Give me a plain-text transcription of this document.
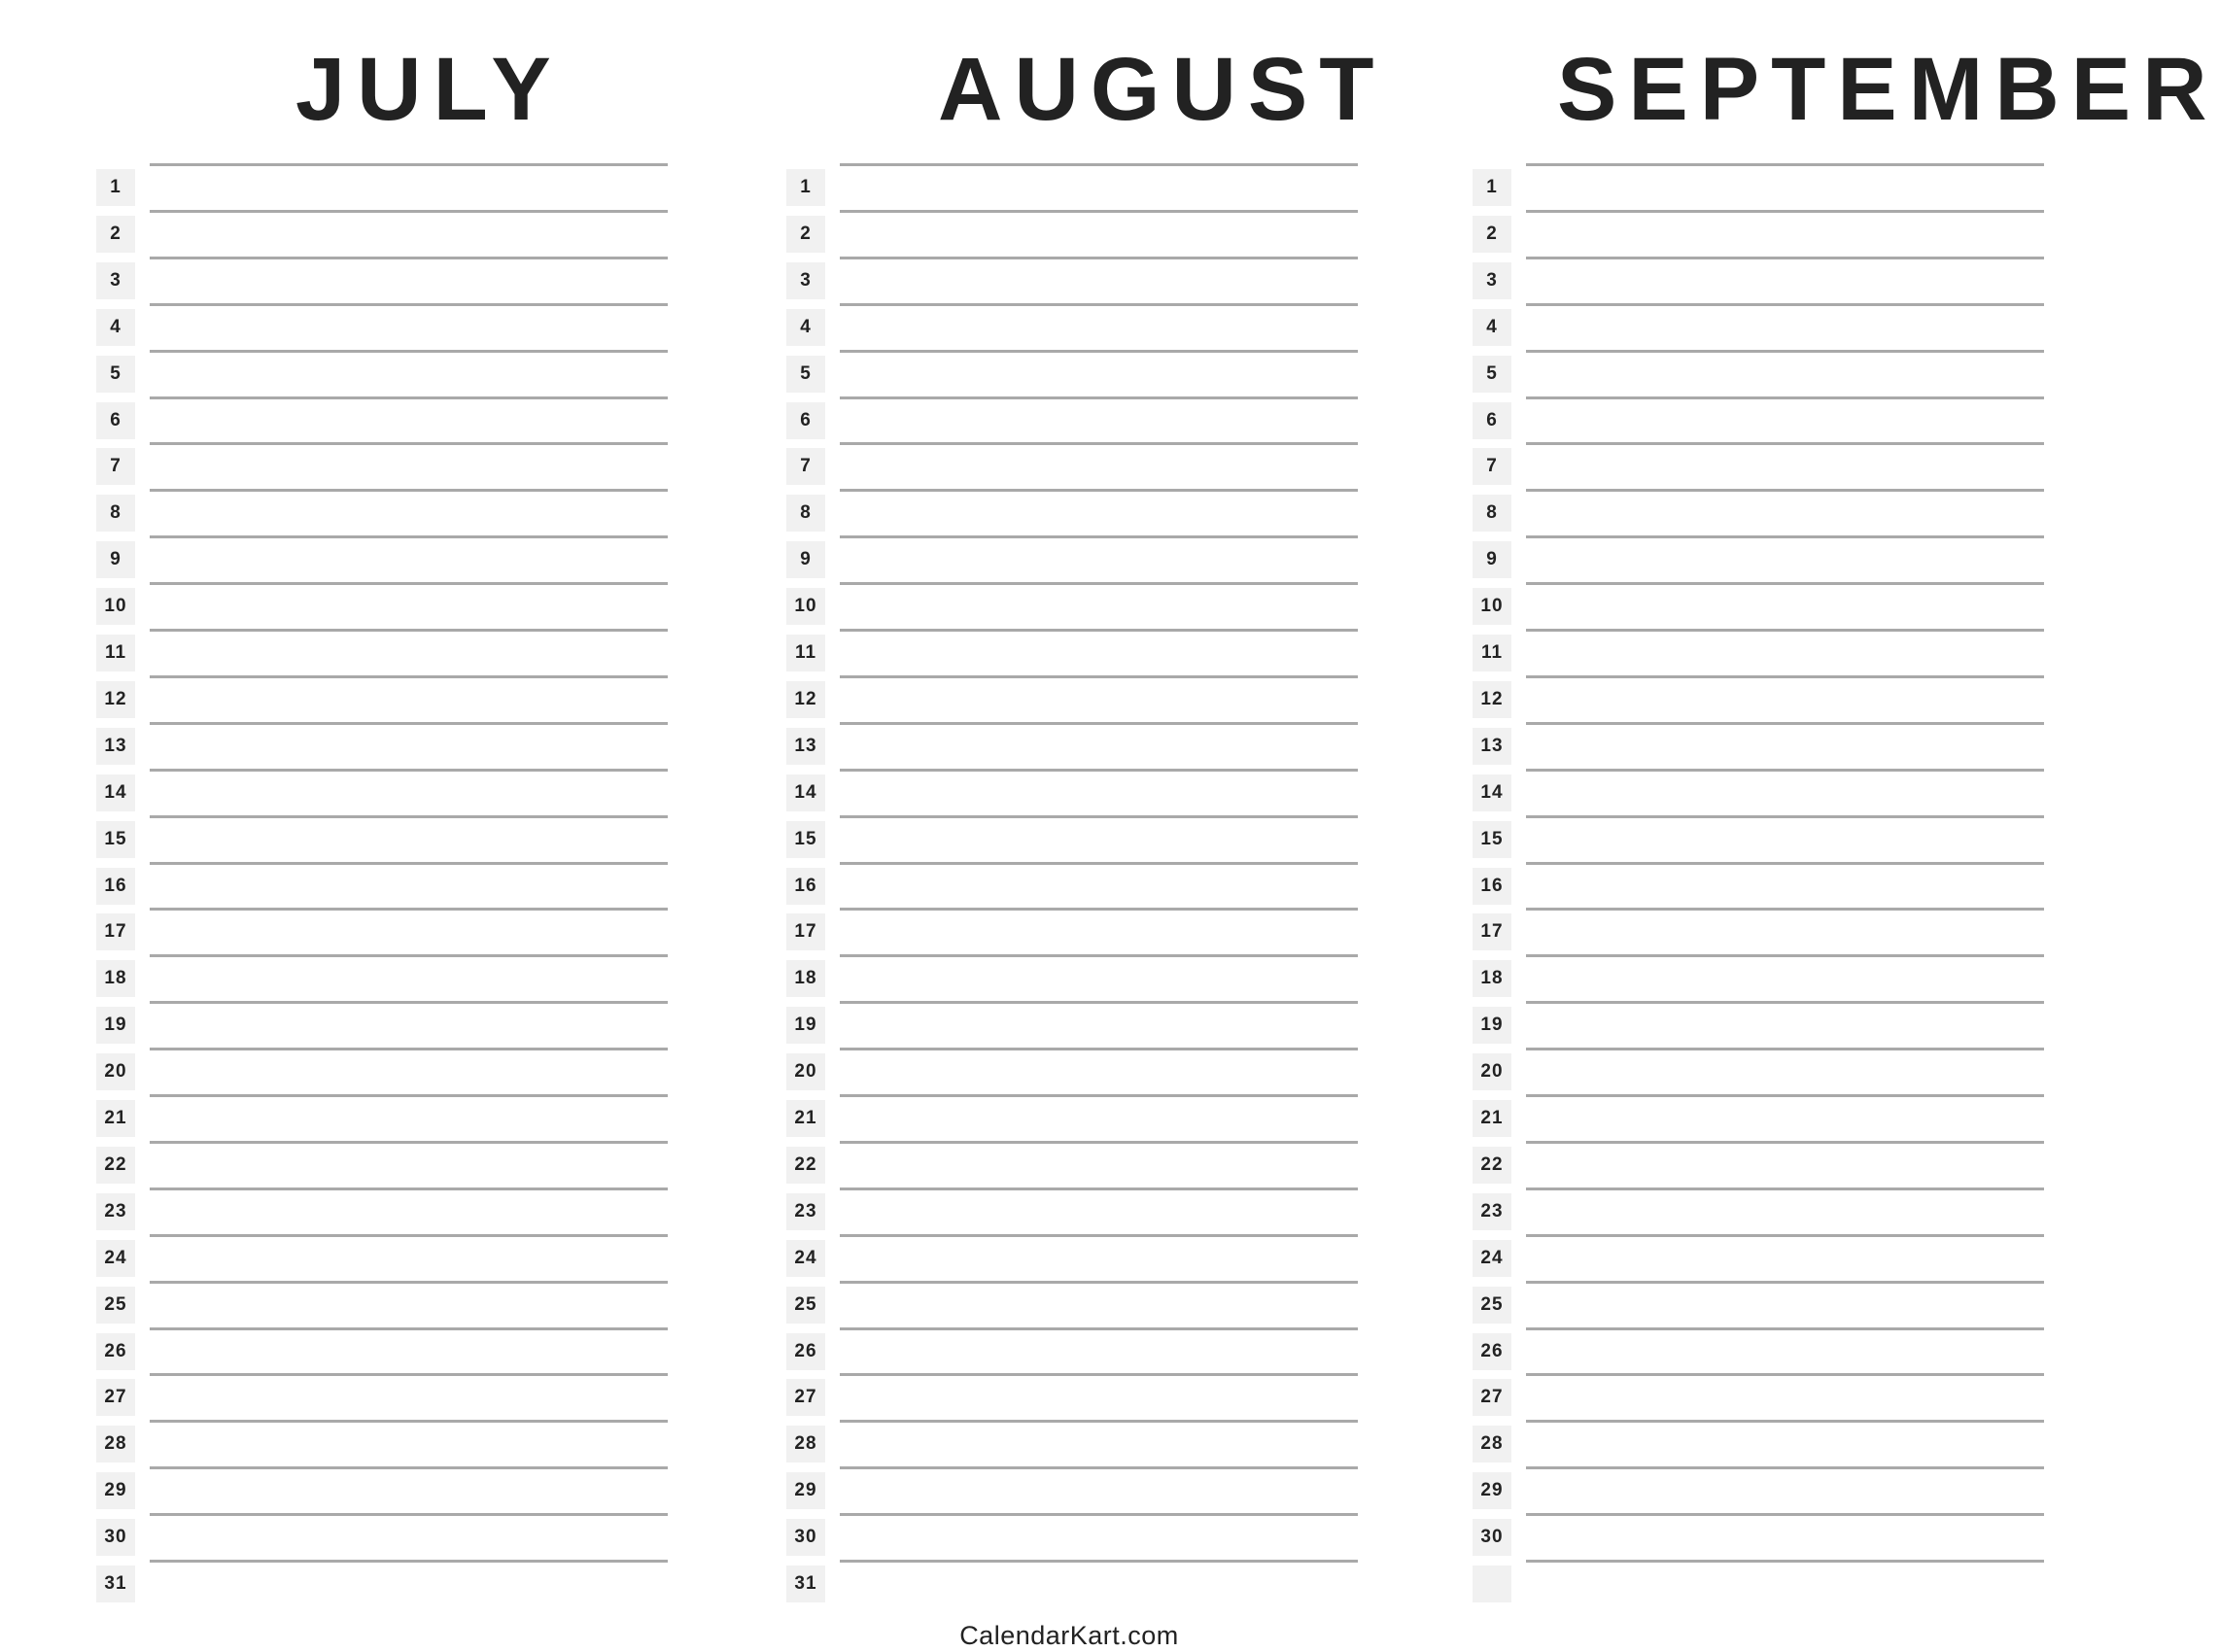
JULY
1
2
3
4
5
6
7
8
9
10
11
12
13
14
15
16
17
18
19
20
21
22
23
24
25
26
27
28
29
30
31
AUGUST
1
2
3
4
5
6
7
8
9
10
11
12
13
14
15
16
17
18
19
20
21
22
23
24
25
26
27
28
29
30
31
SEPTEMBER
1
2
3
4
5
6
7
8
9
10
11
12
13
14
15
16
17
18
19
20
21
22
23
24
25
26
27
28
29
30
CalendarKart.com
